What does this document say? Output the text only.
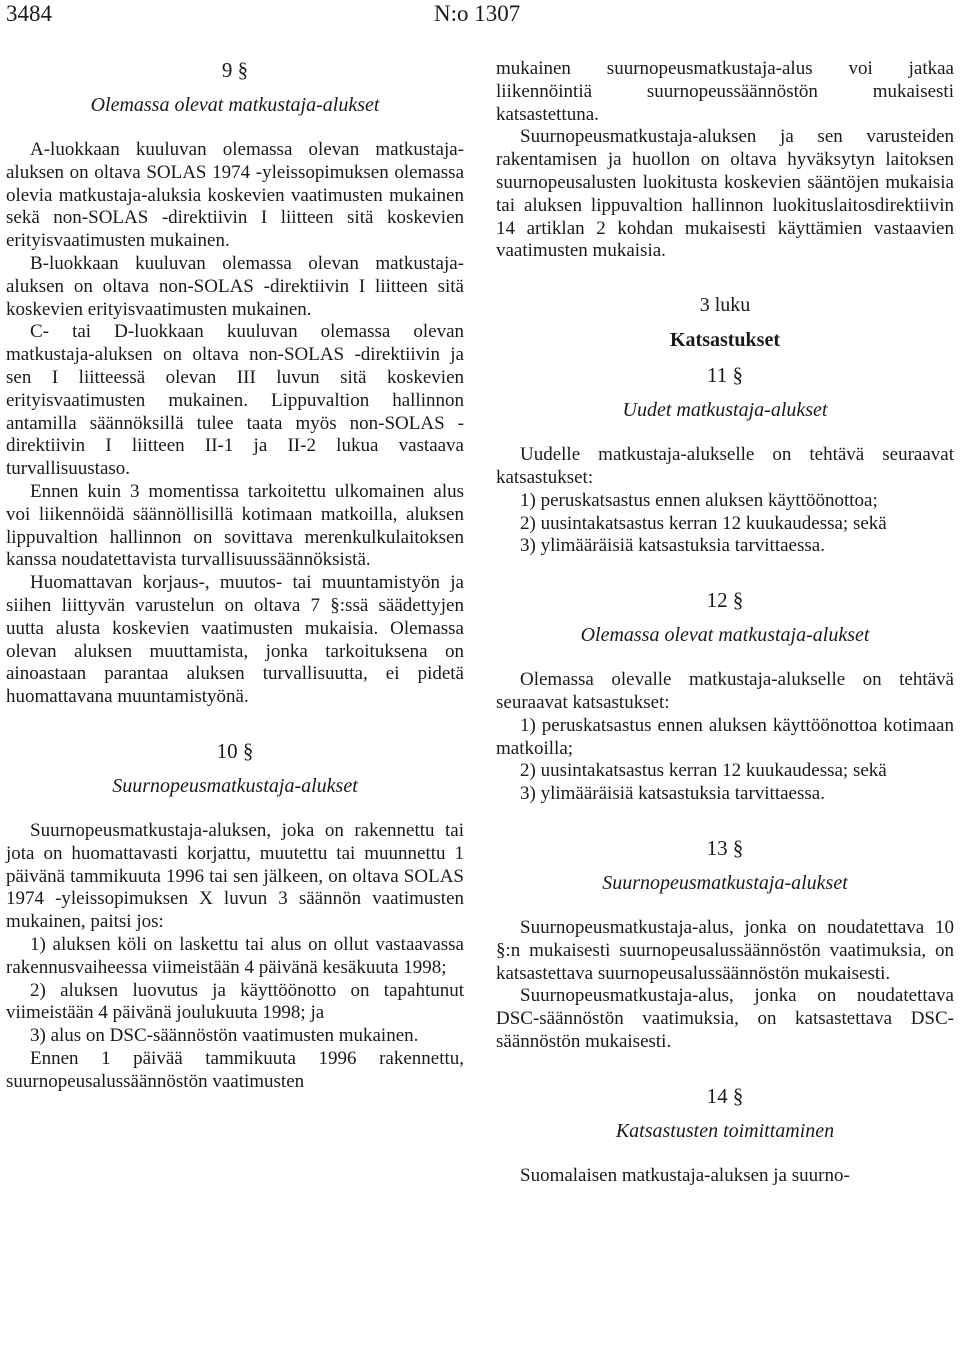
3484	N:o 1307
9 §
Olemassa olevat matkustaja-alukset

A-luokkaan kuuluvan olemassa olevan matkustaja-aluksen on oltava SOLAS 1974 -yleissopimuksen olemassa olevia matkustaja-aluksia koskevien vaatimusten mukainen sekä non-SOLAS -direktiivin I liitteen sitä koskevien erityisvaatimusten mukainen.

B-luokkaan kuuluvan olemassa olevan matkustaja-aluksen on oltava non-SOLAS -direktiivin I liitteen sitä koskevien erityisvaatimusten mukainen.

C- tai D-luokkaan kuuluvan olemassa olevan matkustaja-aluksen on oltava non-SOLAS -direktiivin ja sen I liitteessä olevan III luvun sitä koskevien erityisvaatimusten mukainen. Lippuvaltion hallinnon antamilla säännöksillä tulee taata myös non-SOLAS -direktiivin I liitteen II-1 ja II-2 lukua vastaava turvallisuustaso.

Ennen kuin 3 momentissa tarkoitettu ulkomainen alus voi liikennöidä säännöllisillä kotimaan matkoilla, aluksen lippuvaltion hallinnon on sovittava merenkulkulaitoksen kanssa noudatettavista turvallisuussäännöksistä.

Huomattavan korjaus-, muutos- tai muuntamistyön ja siihen liittyvän varustelun on oltava 7 §:ssä säädettyjen uutta alusta koskevien vaatimusten mukaisia. Olemassa olevan aluksen muuttamista, jonka tarkoituksena on ainoastaan parantaa aluksen turvallisuutta, ei pidetä huomattavana muuntamistyönä.

10 §
Suurnopeusmatkustaja-alukset

Suurnopeusmatkustaja-aluksen, joka on rakennettu tai jota on huomattavasti korjattu, muutettu tai muunnettu 1 päivänä tammikuuta 1996 tai sen jälkeen, on oltava SOLAS 1974 -yleissopimuksen X luvun 3 säännön vaatimusten mukainen, paitsi jos:

1) aluksen köli on laskettu tai alus on ollut vastaavassa rakennusvaiheessa viimeistään 4 päivänä kesäkuuta 1998;

2) aluksen luovutus ja käyttöönotto on tapahtunut viimeistään 4 päivänä joulukuuta 1998; ja

3) alus on DSC-säännöstön vaatimusten mukainen.

Ennen 1 päivää tammikuuta 1996 rakennettu, suurnopeusalussäännöstön vaatimusten

mukainen suurnopeusmatkustaja-alus voi jatkaa liikennöintiä suurnopeussäännöstön mukaisesti katsastettuna.

Suurnopeusmatkustaja-aluksen ja sen varusteiden rakentamisen ja huollon on oltava hyväksytyn laitoksen suurnopeusalusten luokitusta koskevien sääntöjen mukaisia tai aluksen lippuvaltion hallinnon luokituslaitosdirektiivin 14 artiklan 2 kohdan mukaisesti käyttämien vastaavien vaatimusten mukaisia.

3 luku
Katsastukset
11 §
Uudet matkustaja-alukset

Uudelle matkustaja-alukselle on tehtävä seuraavat katsastukset:

1) peruskatsastus ennen aluksen käyttöönottoa;

2) uusintakatsastus kerran 12 kuukaudessa; sekä

3) ylimääräisiä katsastuksia tarvittaessa.

12 §
Olemassa olevat matkustaja-alukset

Olemassa olevalle matkustaja-alukselle on tehtävä seuraavat katsastukset:

1) peruskatsastus ennen aluksen käyttöönottoa kotimaan matkoilla;

2) uusintakatsastus kerran 12 kuukaudessa; sekä

3) ylimääräisiä katsastuksia tarvittaessa.

13 §
Suurnopeusmatkustaja-alukset

Suurnopeusmatkustaja-alus, jonka on noudatettava 10 §:n mukaisesti suurnopeusalussäännöstön vaatimuksia, on katsastettava suurnopeusalussäännöstön mukaisesti.

Suurnopeusmatkustaja-alus, jonka on noudatettava DSC-säännöstön vaatimuksia, on katsastettava DSC-säännöstön mukaisesti.

14 §
Katsastusten toimittaminen

Suomalaisen matkustaja-aluksen ja suurno-
